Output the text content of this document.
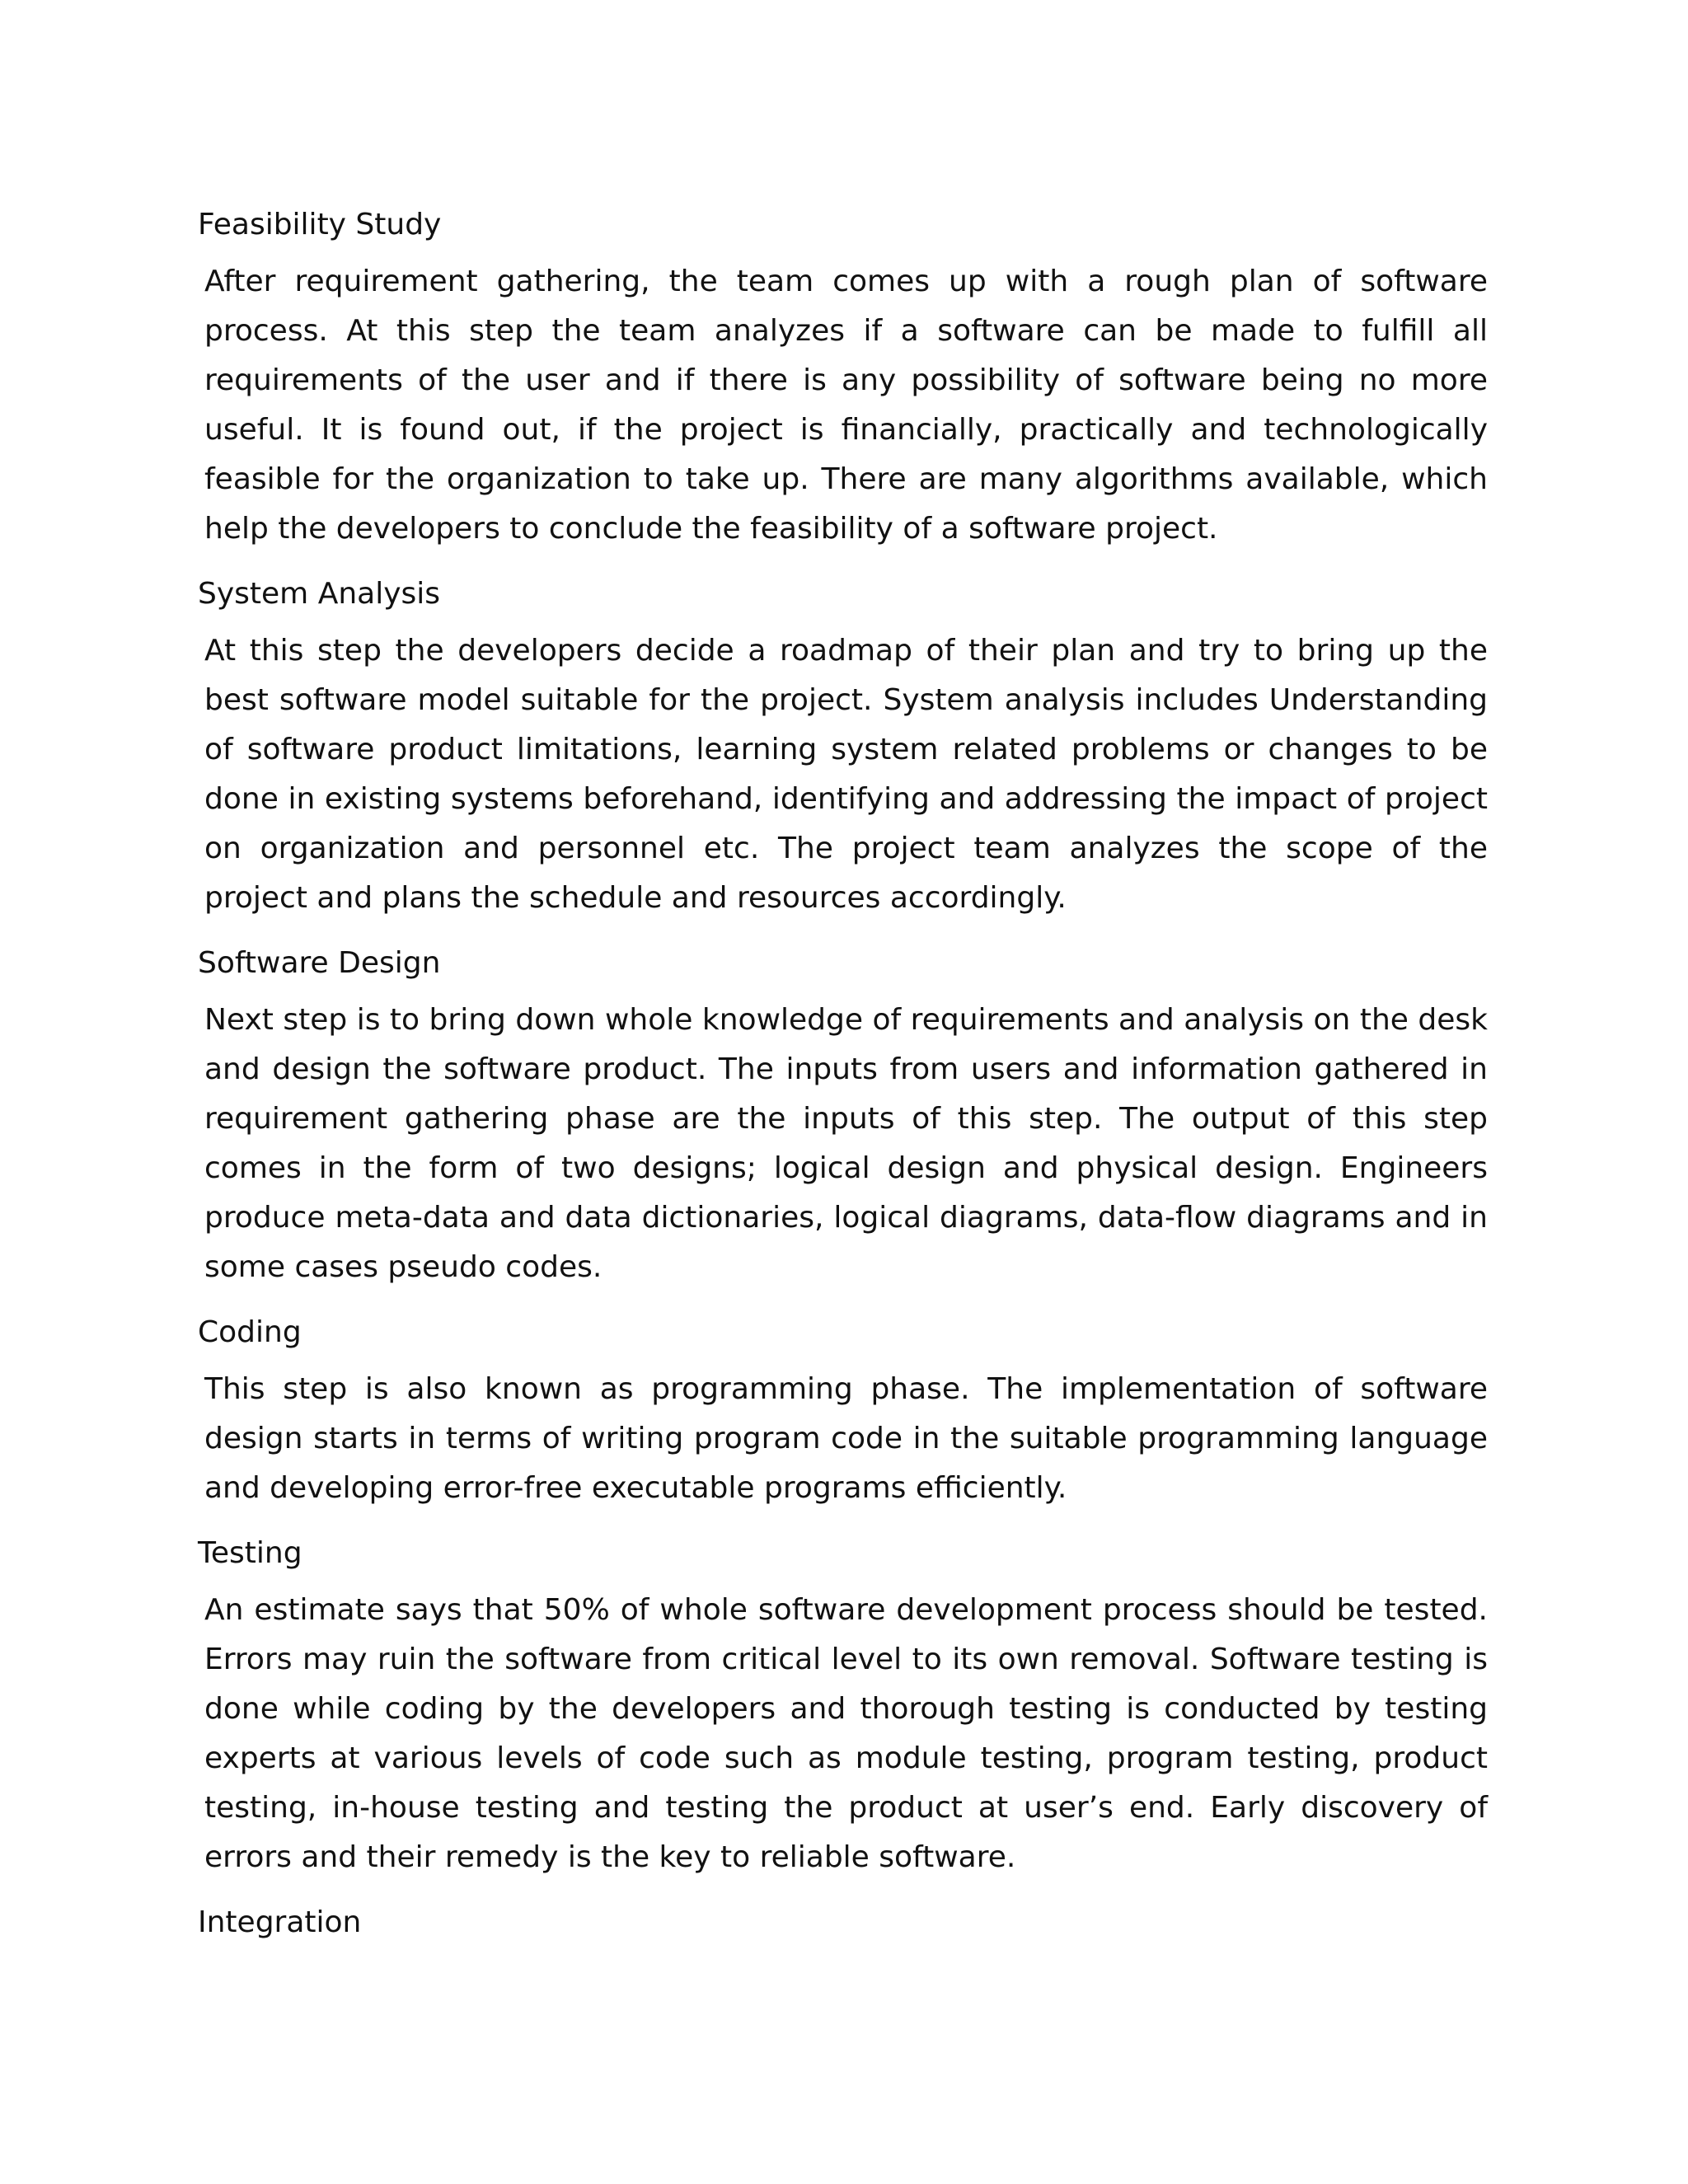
Feasibility Study

After requirement gathering, the team comes up with a rough plan of software process. At this step the team analyzes if a software can be made to fulfill all requirements of the user and if there is any possibility of software being no more useful. It is found out, if the project is financially, practically and technologically feasible for the organization to take up. There are many algorithms available, which help the developers to conclude the feasibility of a software project.

System Analysis

At this step the developers decide a roadmap of their plan and try to bring up the best software model suitable for the project. System analysis includes Understanding of software product limitations, learning system related problems or changes to be done in existing systems beforehand, identifying and addressing the impact of project on organization and personnel etc. The project team analyzes the scope of the project and plans the schedule and resources accordingly.

Software Design

Next step is to bring down whole knowledge of requirements and analysis on the desk and design the software product. The inputs from users and information gathered in requirement gathering phase are the inputs of this step. The output of this step comes in the form of two designs; logical design and physical design. Engineers produce meta-data and data dictionaries, logical diagrams, data-flow diagrams and in some cases pseudo codes.

Coding

This step is also known as programming phase. The implementation of software design starts in terms of writing program code in the suitable programming language and developing error-free executable programs efficiently.

Testing

An estimate says that 50% of whole software development process should be tested. Errors may ruin the software from critical level to its own removal. Software testing is done while coding by the developers and thorough testing is conducted by testing experts at various levels of code such as module testing, program testing, product testing, in-house testing and testing the product at user’s end. Early discovery of errors and their remedy is the key to reliable software.

Integration
